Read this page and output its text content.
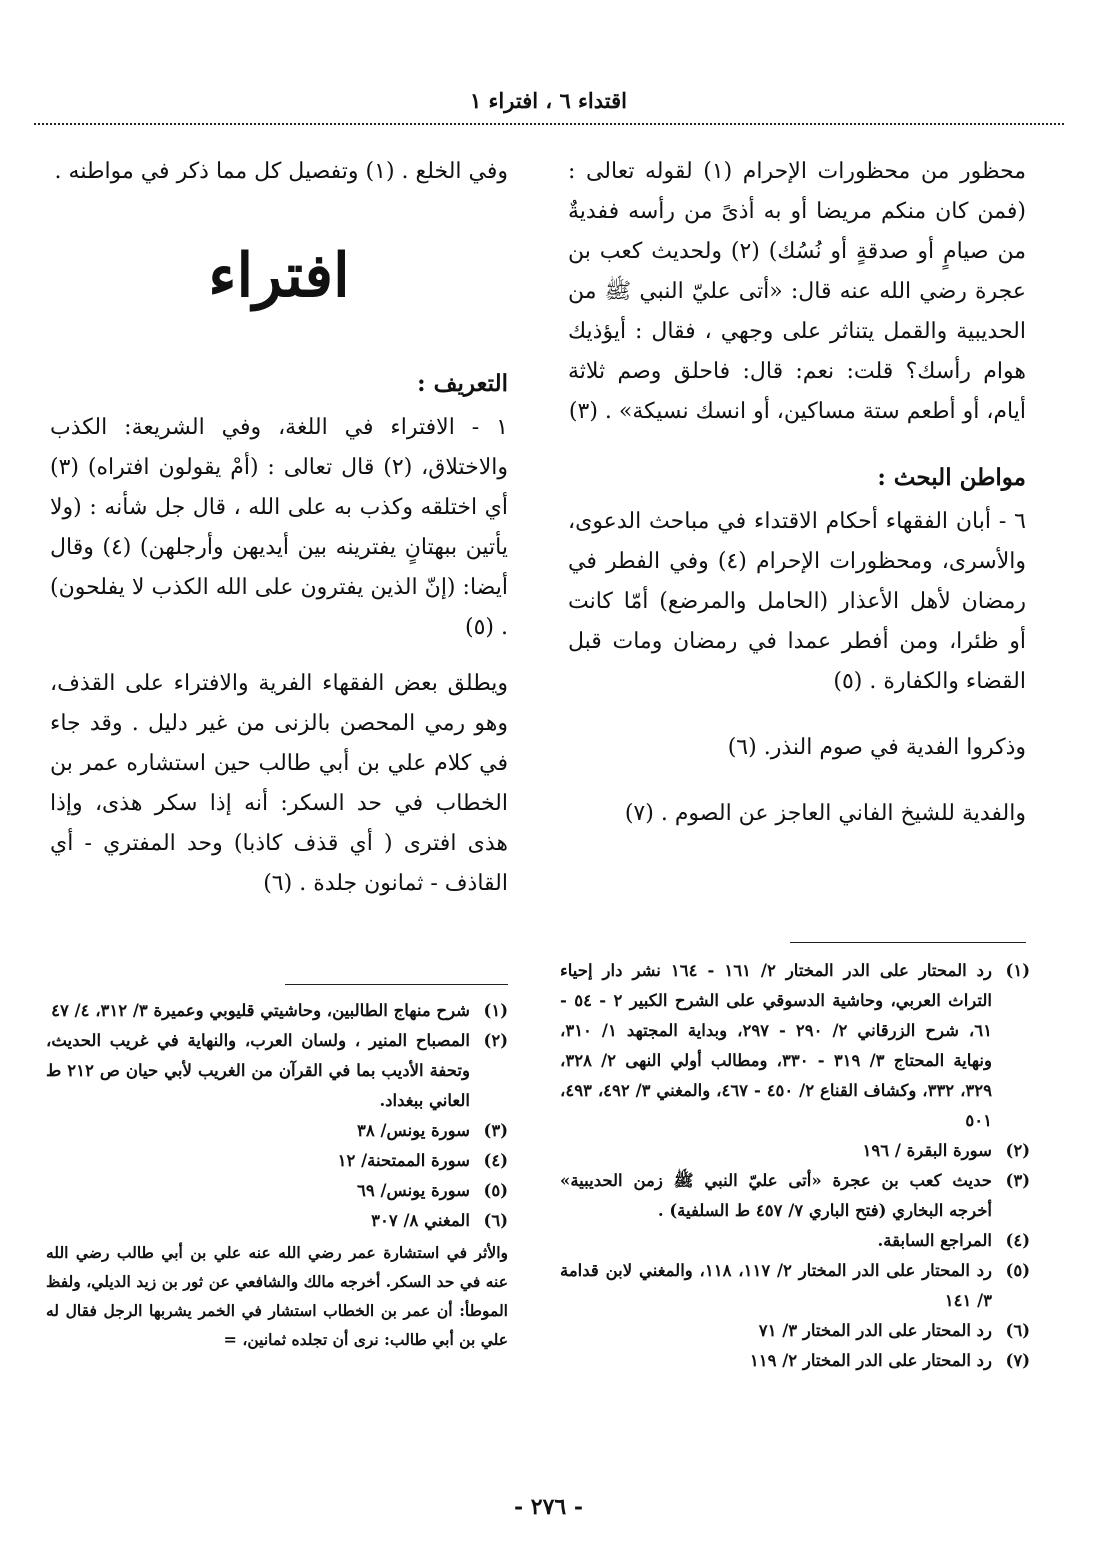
اقتداء ٦ ، افتراء ١

محظور من محظورات الإحرام (١) لقوله تعالى : (فمن كان منكم مريضا أو به أذىً من رأسه ففديةٌ من صيامٍ أو صدقةٍ أو نُسُك) (٢) ولحديث كعب بن عجرة رضي الله عنه قال: «أتى عليّ النبي ﷺ من الحديبية والقمل يتناثر على وجهي ، فقال : أيؤذيك هوام رأسك؟ قلت: نعم: قال: فاحلق وصم ثلاثة أيام، أو أطعم ستة مساكين، أو انسك نسيكة» . (٣)

مواطن البحث :

٦ - أبان الفقهاء أحكام الاقتداء في مباحث الدعوى، والأسرى، ومحظورات الإحرام (٤) وفي الفطر في رمضان لأهل الأعذار (الحامل والمرضع) أمّا كانت أو ظئرا، ومن أفطر عمدا في رمضان ومات قبل القضاء والكفارة . (٥)

وذكروا الفدية في صوم النذر. (٦)

والفدية للشيخ الفاني العاجز عن الصوم . (٧)

وفي الخلع . (١) وتفصيل كل مما ذكر في مواطنه .

افتراء

التعريف :

١ - الافتراء في اللغة، وفي الشريعة: الكذب والاختلاق، (٢) قال تعالى : (أمْ يقولون افتراه) (٣) أي اختلقه وكذب به على الله ، قال جل شأنه : (ولا يأتين ببهتانٍ يفترينه بين أيديهن وأرجلهن) (٤) وقال أيضا: (إنّ الذين يفترون على الله الكذب لا يفلحون) . (٥)

ويطلق بعض الفقهاء الفرية والافتراء على القذف، وهو رمي المحصن بالزنى من غير دليل . وقد جاء في كلام علي بن أبي طالب حين استشاره عمر بن الخطاب في حد السكر: أنه إذا سكر هذى، وإذا هذى افترى ( أي قذف كاذبا) وحد المفتري - أي القاذف - ثمانون جلدة . (٦)

(١)
رد المحتار على الدر المختار ٢/ ١٦١ - ١٦٤ نشر دار إحياء التراث العربي، وحاشية الدسوقي على الشرح الكبير ٢ - ٥٤ - ٦١، شرح الزرقاني ٢/ ٢٩٠ - ٢٩٧، وبداية المجتهد ١/ ٣١٠، ونهاية المحتاج ٣/ ٣١٩ - ٣٣٠، ومطالب أولي النهى ٢/ ٣٢٨، ٣٢٩، ٣٣٢، وكشاف القناع ٢/ ٤٥٠ - ٤٦٧، والمغني ٣/ ٤٩٢، ٤٩٣، ٥٠١
(٢)
سورة البقرة / ١٩٦
(٣)
حديث كعب بن عجرة «أتى عليّ النبي ﷺ زمن الحديبية» أخرجه البخاري (فتح الباري ٧/ ٤٥٧ ط السلفية) .
(٤)
المراجع السابقة.
(٥)
رد المحتار على الدر المختار ٢/ ١١٧، ١١٨، والمغني لابن قدامة ٣/ ١٤١
(٦)
رد المحتار على الدر المختار ٣/ ٧١
(٧)
رد المحتار على الدر المختار ٢/ ١١٩
(١)
شرح منهاج الطالبين، وحاشيتي قليوبي وعميرة ٣/ ٣١٢، ٤/ ٤٧
(٢)
المصباح المنير ، ولسان العرب، والنهاية في غريب الحديث، وتحفة الأديب بما في القرآن من الغريب لأبي حيان ص ٢١٢ ط العاني ببغداد.
(٣)
سورة يونس/ ٣٨
(٤)
سورة الممتحنة/ ١٢
(٥)
سورة يونس/ ٦٩
(٦)
المغني ٨/ ٣٠٧
والأثر في استشارة عمر رضي الله عنه علي بن أبي طالب رضي الله عنه في حد السكر. أخرجه مالك والشافعي عن ثور بن زيد الديلي، ولفظ الموطأ: أن عمر بن الخطاب استشار في الخمر يشربها الرجل فقال له علي بن أبي طالب: نرى أن تجلده ثمانين، =
- ٢٧٦ -
